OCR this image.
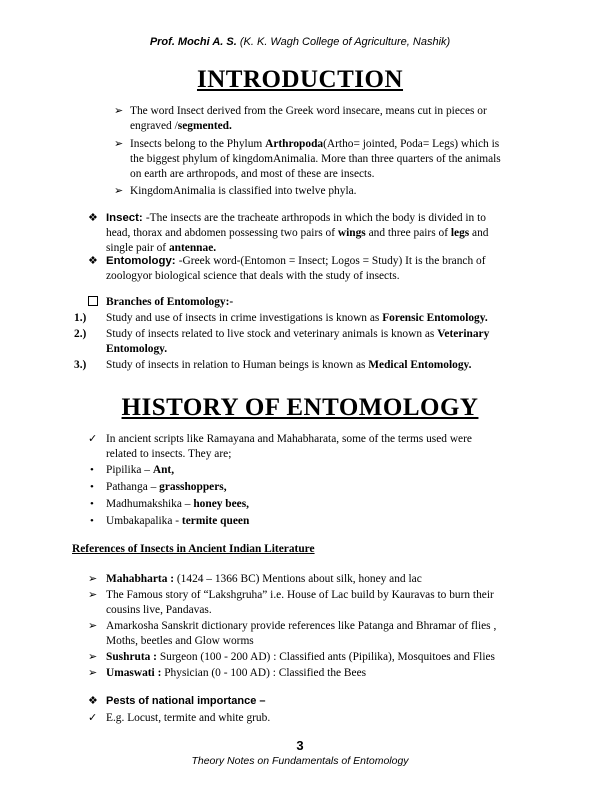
Prof. Mochi A. S. (K. K. Wagh College of Agriculture, Nashik)
INTRODUCTION
➢ The word Insect derived from the Greek word insecare, means cut in pieces or
engraved /segmented.
➢ Insects belong to the Phylum Arthropoda(Artho= jointed, Poda= Legs) which is
the biggest phylum of kingdomAnimalia. More than three quarters of the animals
on earth are arthropods, and most of these are insects.
➢ KingdomAnimalia is classified into twelve phyla.
❖ Insect: -The insects are the tracheate arthropods in which the body is divided in to
head, thorax and abdomen possessing two pairs of wings and three pairs of legs and
single pair of antennae.
❖ Entomology: -Greek word-(Entomon = Insect; Logos = Study) It is the branch of
zoologyor biological science that deals with the study of insects.
Branches of Entomology:-
1.)	Study and use of insects in crime investigations is known as Forensic Entomology.
2.)	Study of insects related to live stock and veterinary animals is known as Veterinary
Entomology.
3.)	Study of insects in relation to Human beings is known as Medical Entomology.
HISTORY OF ENTOMOLOGY
✓ In ancient scripts like Ramayana and Mahabharata, some of the terms used were
related to insects. They are;
• Pipilika – Ant,
• Pathanga – grasshoppers,
• Madhumakshika – honey bees,
• Umbakapalika - termite queen
References of Insects in Ancient Indian Literature
➢ Mahabharta : (1424 – 1366 BC) Mentions about silk, honey and lac
➢ The Famous story of “Lakshgruha” i.e. House of Lac build by Kauravas to burn their
cousins live, Pandavas.
➢ Amarkosha Sanskrit dictionary provide references like Patanga and Bhramar of flies ,
Moths, beetles and Glow worms
➢ Sushruta : Surgeon (100 - 200 AD) : Classified ants (Pipilika), Mosquitoes and Flies
➢ Umaswati : Physician (0 - 100 AD) : Classified the Bees
❖ Pests of national importance –
✓ E.g. Locust, termite and white grub.
3
Theory Notes on Fundamentals of Entomology
